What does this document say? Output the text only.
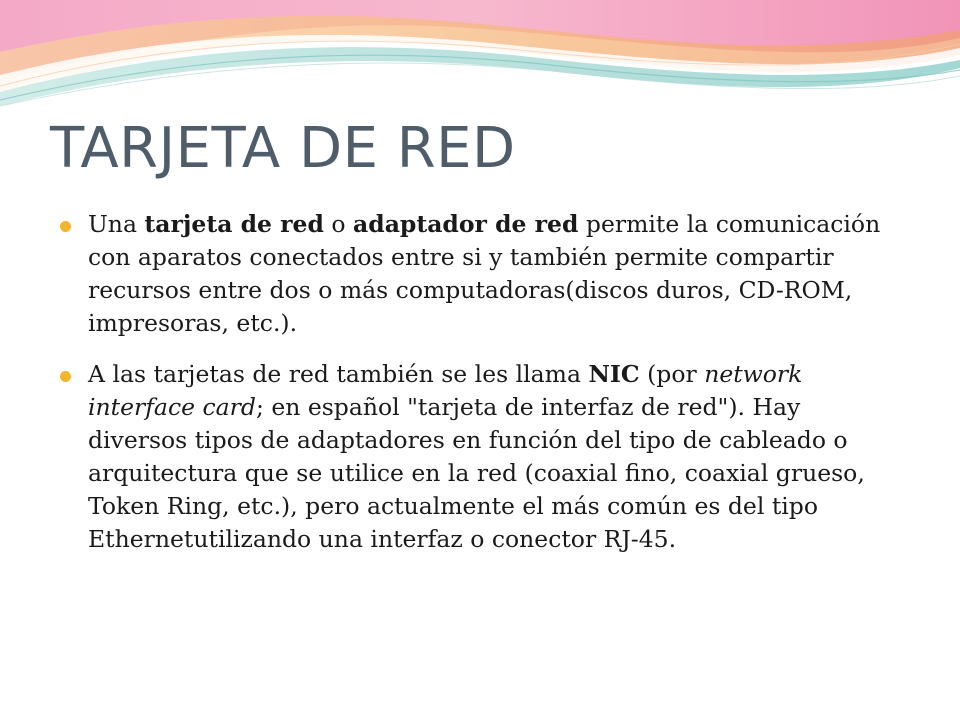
TARJETA DE RED
Una tarjeta de red o adaptador de red permite la comunicación con aparatos conectados entre si y también permite compartir recursos entre dos o más computadoras(discos duros, CD-ROM, impresoras, etc.).
A las tarjetas de red también se les llama NIC (por network interface card; en español "tarjeta de interfaz de red"). Hay diversos tipos de adaptadores en función del tipo de cableado o arquitectura que se utilice en la red (coaxial fino, coaxial grueso, Token Ring, etc.), pero actualmente el más común es del tipo Ethernetutilizando una interfaz o conector RJ-45.
